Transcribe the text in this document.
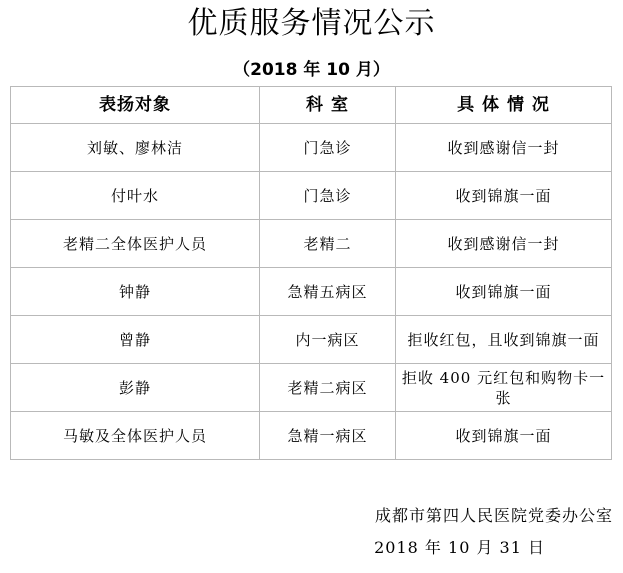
优质服务情况公示
（2018 年 10 月）
表扬对象	科 室	具 体 情 况
刘敏、廖林洁	门急诊	收到感谢信一封
付叶水	门急诊	收到锦旗一面
老精二全体医护人员	老精二	收到感谢信一封
钟静	急精五病区	收到锦旗一面
曾静	内一病区	拒收红包，且收到锦旗一面
彭静	老精二病区	拒收 400 元红包和购物卡一张
马敏及全体医护人员	急精一病区	收到锦旗一面
成都市第四人民医院党委办公室
2018 年 10 月 31 日
